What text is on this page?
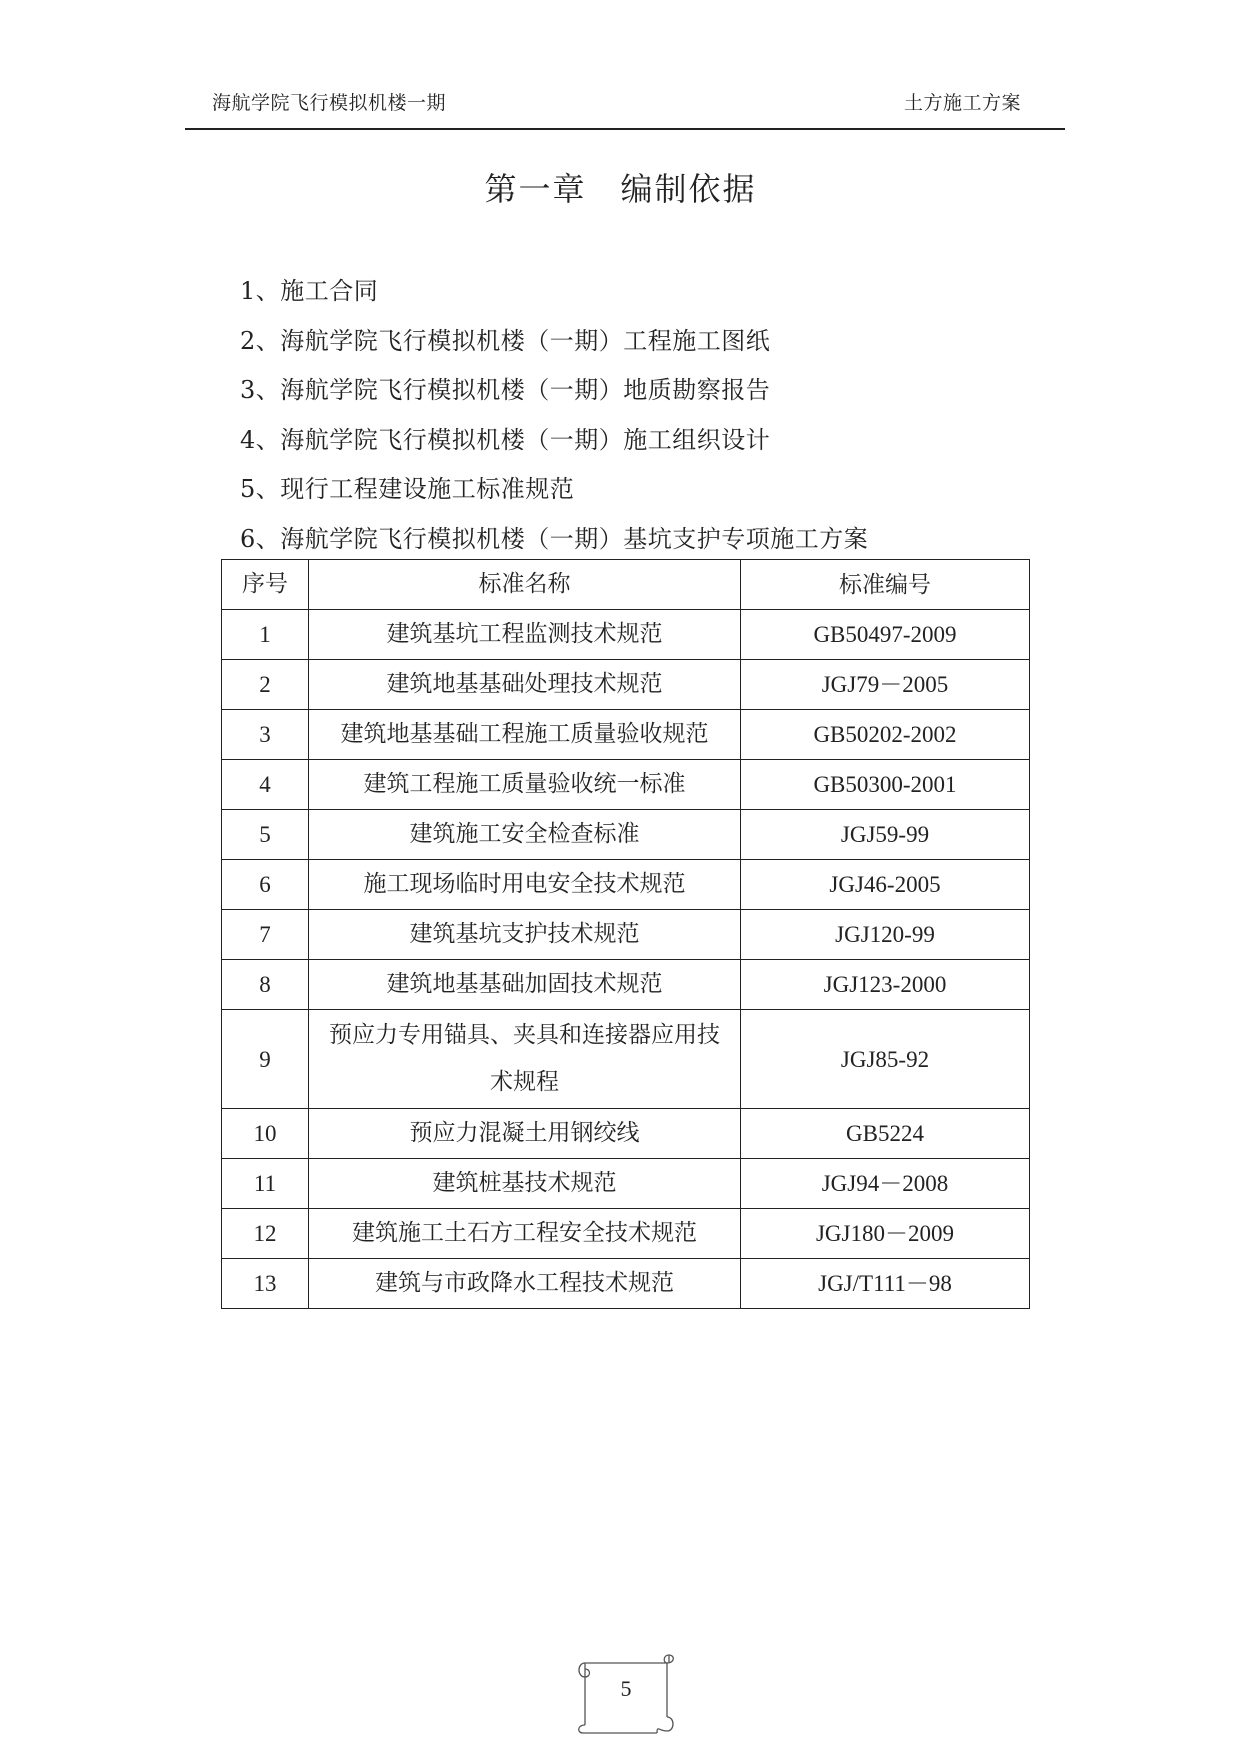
海航学院飞行模拟机楼一期	土方施工方案
第一章　编制依据
1、施工合同
2、海航学院飞行模拟机楼（一期）工程施工图纸
3、海航学院飞行模拟机楼（一期）地质勘察报告
4、海航学院飞行模拟机楼（一期）施工组织设计
5、现行工程建设施工标准规范
6、海航学院飞行模拟机楼（一期）基坑支护专项施工方案
序号	标准名称	标准编号
1	建筑基坑工程监测技术规范	GB50497-2009
2	建筑地基基础处理技术规范	JGJ79－2005
3	建筑地基基础工程施工质量验收规范	GB50202-2002
4	建筑工程施工质量验收统一标准	GB50300-2001
5	建筑施工安全检查标准	JGJ59-99
6	施工现场临时用电安全技术规范	JGJ46-2005
7	建筑基坑支护技术规范	JGJ120-99
8	建筑地基基础加固技术规范	JGJ123-2000
9	预应力专用锚具、夹具和连接器应用技术规程	JGJ85-92
10	预应力混凝土用钢绞线	GB5224
11	建筑桩基技术规范	JGJ94－2008
12	建筑施工土石方工程安全技术规范	JGJ180－2009
13	建筑与市政降水工程技术规范	JGJ/T111－98
5
